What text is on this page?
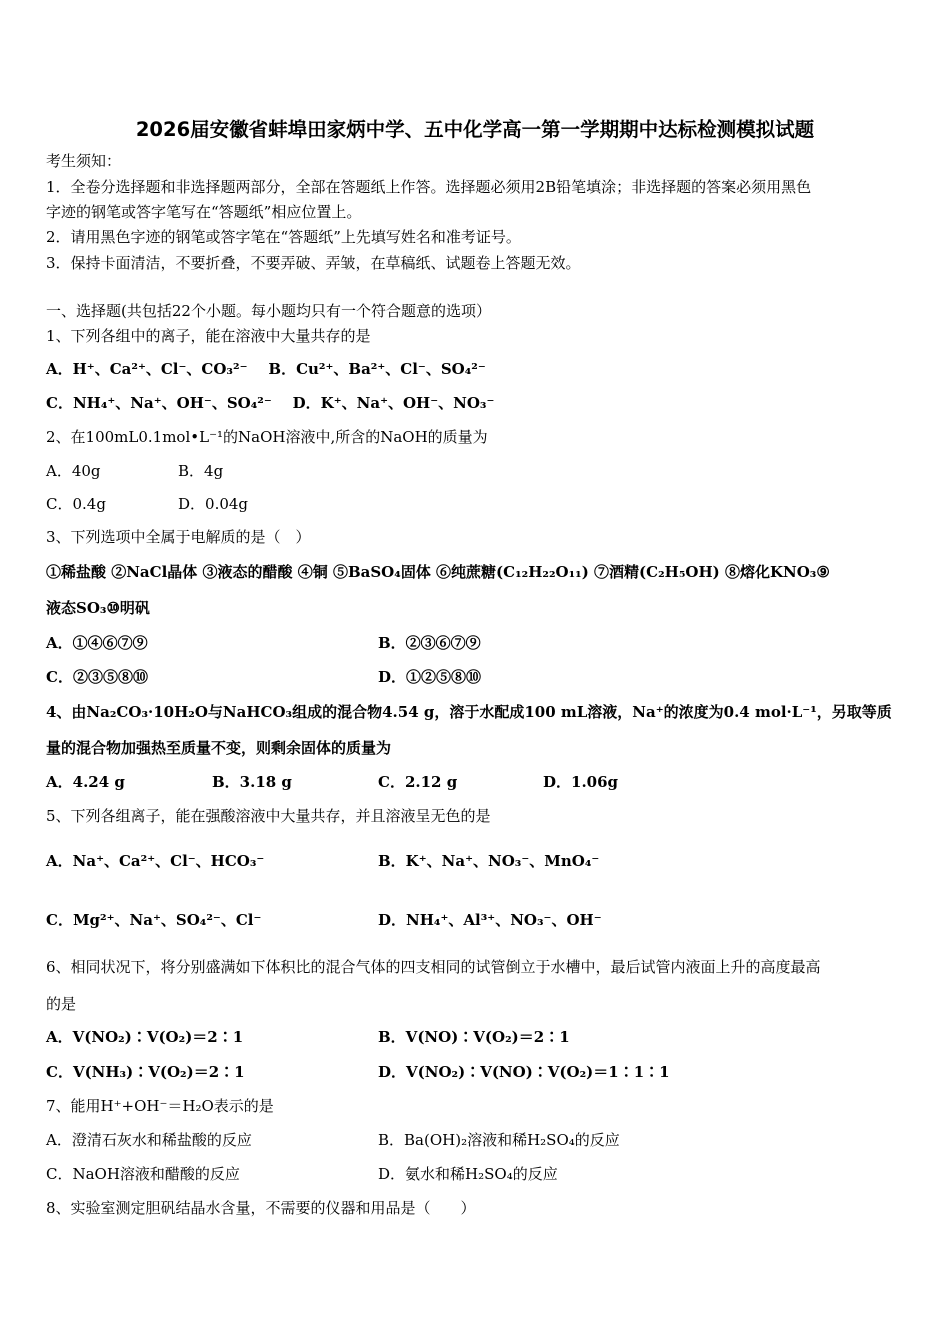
2026届安徽省蚌埠田家炳中学、五中化学高一第一学期期中达标检测模拟试题
考生须知：
1．全卷分选择题和非选择题两部分，全部在答题纸上作答。选择题必须用2B铅笔填涂；非选择题的答案必须用黑色
字迹的钢笔或答字笔写在“答题纸”相应位置上。
2．请用黑色字迹的钢笔或答字笔在“答题纸”上先填写姓名和准考证号。
3．保持卡面清洁，不要折叠，不要弄破、弄皱，在草稿纸、试题卷上答题无效。
一、选择题(共包括22个小题。每小题均只有一个符合题意的选项）
1、下列各组中的离子，能在溶液中大量共存的是
A．H⁺、Ca²⁺、Cl⁻、CO₃²⁻ B．Cu²⁺、Ba²⁺、Cl⁻、SO₄²⁻
C．NH₄⁺、Na⁺、OH⁻、SO₄²⁻ D．K⁺、Na⁺、OH⁻、NO₃⁻
2、在100mL0.1mol•L⁻¹的NaOH溶液中,所含的NaOH的质量为
A．40g	B．4g
C．0.4g	D．0.04g
3、下列选项中全属于电解质的是（　）
①稀盐酸 ②NaCl晶体 ③液态的醋酸 ④铜 ⑤BaSO₄固体 ⑥纯蔗糖(C₁₂H₂₂O₁₁) ⑦酒精(C₂H₅OH) ⑧熔化KNO₃⑨
液态SO₃⑩明矾
A．①④⑥⑦⑨	B．②③⑥⑦⑨
C．②③⑤⑧⑩	D．①②⑤⑧⑩
4、由Na₂CO₃·10H₂O与NaHCO₃组成的混合物4.54 g，溶于水配成100 mL溶液，Na⁺的浓度为0.4 mol·L⁻¹，另取等质
量的混合物加强热至质量不变，则剩余固体的质量为
A．4.24 g	B．3.18 g	C．2.12 g	D．1.06g
5、下列各组离子，能在强酸溶液中大量共存，并且溶液呈无色的是
A．Na⁺、Ca²⁺、Cl⁻、HCO₃⁻	B．K⁺、Na⁺、NO₃⁻、MnO₄⁻
C．Mg²⁺、Na⁺、SO₄²⁻、Cl⁻	D．NH₄⁺、Al³⁺、NO₃⁻、OH⁻
6、相同状况下，将分别盛满如下体积比的混合气体的四支相同的试管倒立于水槽中，最后试管内液面上升的高度最高
的是
A．V(NO₂)∶V(O₂)＝2∶1	B．V(NO)∶V(O₂)＝2∶1
C．V(NH₃)∶V(O₂)＝2∶1	D．V(NO₂)∶V(NO)∶V(O₂)＝1∶1∶1
7、能用H⁺+OH⁻＝H₂O表示的是
A．澄清石灰水和稀盐酸的反应	B．Ba(OH)₂溶液和稀H₂SO₄的反应
C．NaOH溶液和醋酸的反应	D．氨水和稀H₂SO₄的反应
8、实验室测定胆矾结晶水含量，不需要的仪器和用品是（　　）
